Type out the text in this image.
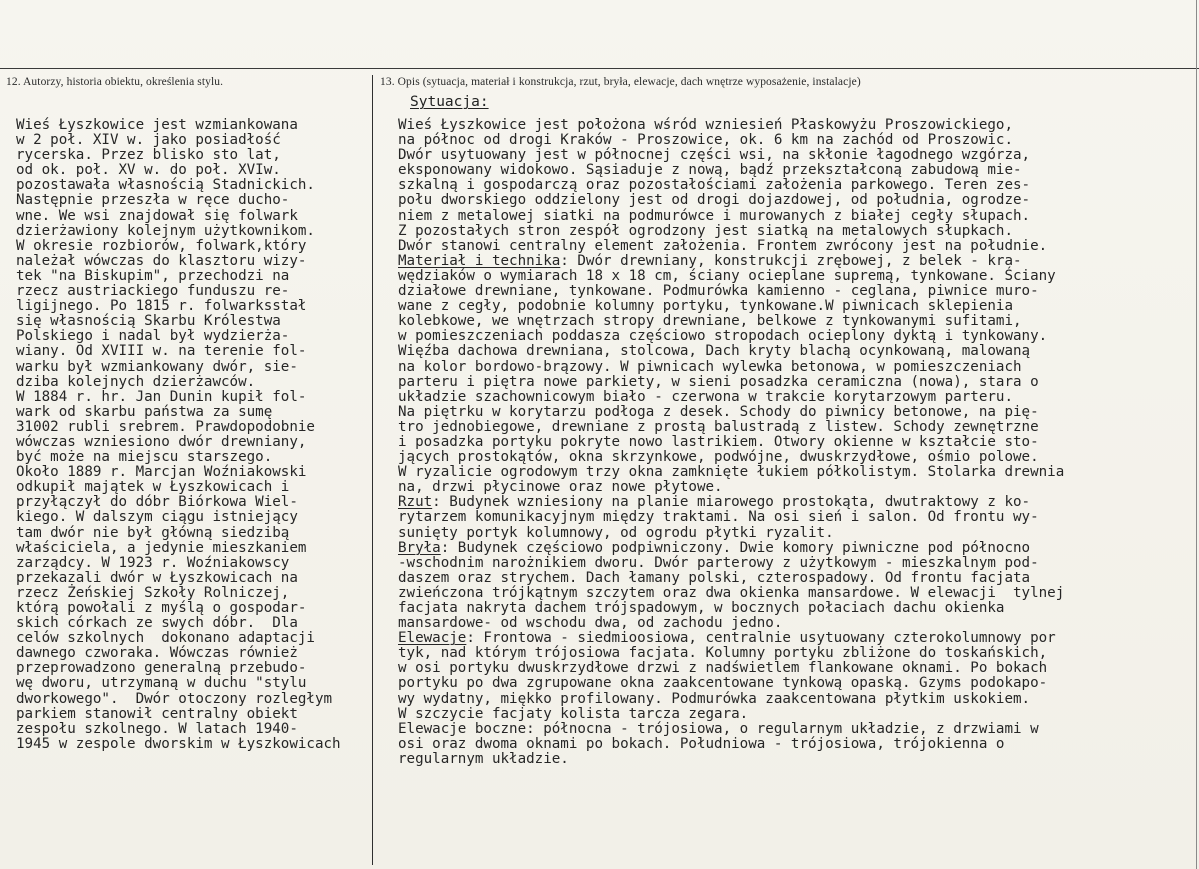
12. Autorzy, historia obiektu, określenia stylu.	13. Opis (sytuacja, materiał i konstrukcja, rzut, bryła, elewacje, dach wnętrze wyposażenie, instalacje)
Sytuacja:
Wieś Łyszkowice jest wzmiankowana
w 2 poł. XIV w. jako posiadłość
rycerska. Przez blisko sto lat,
od ok. poł. XV w. do poł. XVIw.
pozostawała własnością Stadnickich.
Następnie przeszła w ręce ducho-
wne. We wsi znajdował się folwark
dzierżawiony kolejnym użytkownikom.
W okresie rozbiorów, folwark,który
należał wówczas do klasztoru wizy-
tek "na Biskupim", przechodzi na
rzecz austriackiego funduszu re-
ligijnego. Po 1815 r. folwarksstał
się własnością Skarbu Królestwa
Polskiego i nadal był wydzierża-
wiany. Od XVIII w. na terenie fol-
warku był wzmiankowany dwór, sie-
dziba kolejnych dzierżawców.
W 1884 r. hr. Jan Dunin kupił fol-
wark od skarbu państwa za sumę
31002 rubli srebrem. Prawdopodobnie
wówczas wzniesiono dwór drewniany,
być może na miejscu starszego.
Około 1889 r. Marcjan Woźniakowski
odkupił majątek w Łyszkowicach i
przyłączył do dóbr Biórkowa Wiel-
kiego. W dalszym ciągu istniejący
tam dwór nie był główną siedzibą
właściciela, a jedynie mieszkaniem
zarządcy. W 1923 r. Woźniakowscy
przekazali dwór w Łyszkowicach na
rzecz Żeńskiej Szkoły Rolniczej,
którą powołali z myślą o gospodar-
skich córkach ze swych dóbr.  Dla
celów szkolnych  dokonano adaptacji
dawnego czworaka. Wówczas również
przeprowadzono generalną przebudo-
wę dworu, utrzymaną w duchu "stylu
dworkowego".  Dwór otoczony rozległym
parkiem stanowił centralny obiekt
zespołu szkolnego. W latach 1940-
1945 w zespole dworskim w Łyszkowicach
Wieś Łyszkowice jest położona wśród wzniesień Płaskowyżu Proszowickiego,
na północ od drogi Kraków - Proszowice, ok. 6 km na zachód od Proszowic.
Dwór usytuowany jest w północnej części wsi, na skłonie łagodnego wzgórza,
eksponowany widokowo. Sąsiaduje z nową, bądź przekształconą zabudową mie-
szkalną i gospodarczą oraz pozostałościami założenia parkowego. Teren zes-
połu dworskiego oddzielony jest od drogi dojazdowej, od południa, ogrodze-
niem z metalowej siatki na podmurówce i murowanych z białej cegły słupach.
Z pozostałych stron zespół ogrodzony jest siatką na metalowych słupkach.
Dwór stanowi centralny element założenia. Frontem zwrócony jest na południe.
Materiał i technika: Dwór drewniany, konstrukcji zrębowej, z belek - kra-
wędziaków o wymiarach 18 x 18 cm, ściany ocieplane supremą, tynkowane. Ściany
działowe drewniane, tynkowane. Podmurówka kamienno - ceglana, piwnice muro-
wane z cegły, podobnie kolumny portyku, tynkowane.W piwnicach sklepienia
kolebkowe, we wnętrzach stropy drewniane, belkowe z tynkowanymi sufitami,
w pomieszczeniach poddasza częściowo stropodach ocieplony dyktą i tynkowany.
Więźba dachowa drewniana, stolcowa, Dach kryty blachą ocynkowaną, malowaną
na kolor bordowo-brązowy. W piwnicach wylewka betonowa, w pomieszczeniach
parteru i piętra nowe parkiety, w sieni posadzka ceramiczna (nowa), stara o
układzie szachownicowym biało - czerwona w trakcie korytarzowym parteru.
Na piętrku w korytarzu podłoga z desek. Schody do piwnicy betonowe, na pię-
tro jednobiegowe, drewniane z prostą balustradą z listew. Schody zewnętrzne
i posadzka portyku pokryte nowo lastrikiem. Otwory okienne w kształcie sto-
jących prostokątów, okna skrzynkowe, podwójne, dwuskrzydłowe, ośmio polowe.
W ryzalicie ogrodowym trzy okna zamknięte łukiem półkolistym. Stolarka drewnia
na, drzwi płycinowe oraz nowe płytowe.
Rzut: Budynek wzniesiony na planie miarowego prostokąta, dwutraktowy z ko-
rytarzem komunikacyjnym między traktami. Na osi sień i salon. Od frontu wy-
sunięty portyk kolumnowy, od ogrodu płytki ryzalit.
Bryła: Budynek częściowo podpiwniczony. Dwie komory piwniczne pod północno
-wschodnim narożnikiem dworu. Dwór parterowy z użytkowym - mieszkalnym pod-
daszem oraz strychem. Dach łamany polski, czterospadowy. Od frontu facjata
zwieńczona trójkątnym szczytem oraz dwa okienka mansardowe. W elewacji  tylnej
facjata nakryta dachem trójspadowym, w bocznych połaciach dachu okienka
mansardowe- od wschodu dwa, od zachodu jedno.
Elewacje: Frontowa - siedmioosiowa, centralnie usytuowany czterokolumnowy por
tyk, nad którym trójosiowa facjata. Kolumny portyku zbliżone do toskańskich,
w osi portyku dwuskrzydłowe drzwi z nadświetlem flankowane oknami. Po bokach
portyku po dwa zgrupowane okna zaakcentowane tynkową opaską. Gzyms podokapo-
wy wydatny, miękko profilowany. Podmurówka zaakcentowana płytkim uskokiem.
W szczycie facjaty kolista tarcza zegara.
Elewacje boczne: północna - trójosiowa, o regularnym układzie, z drzwiami w
osi oraz dwoma oknami po bokach. Południowa - trójosiowa, trójokienna o
regularnym układzie.
